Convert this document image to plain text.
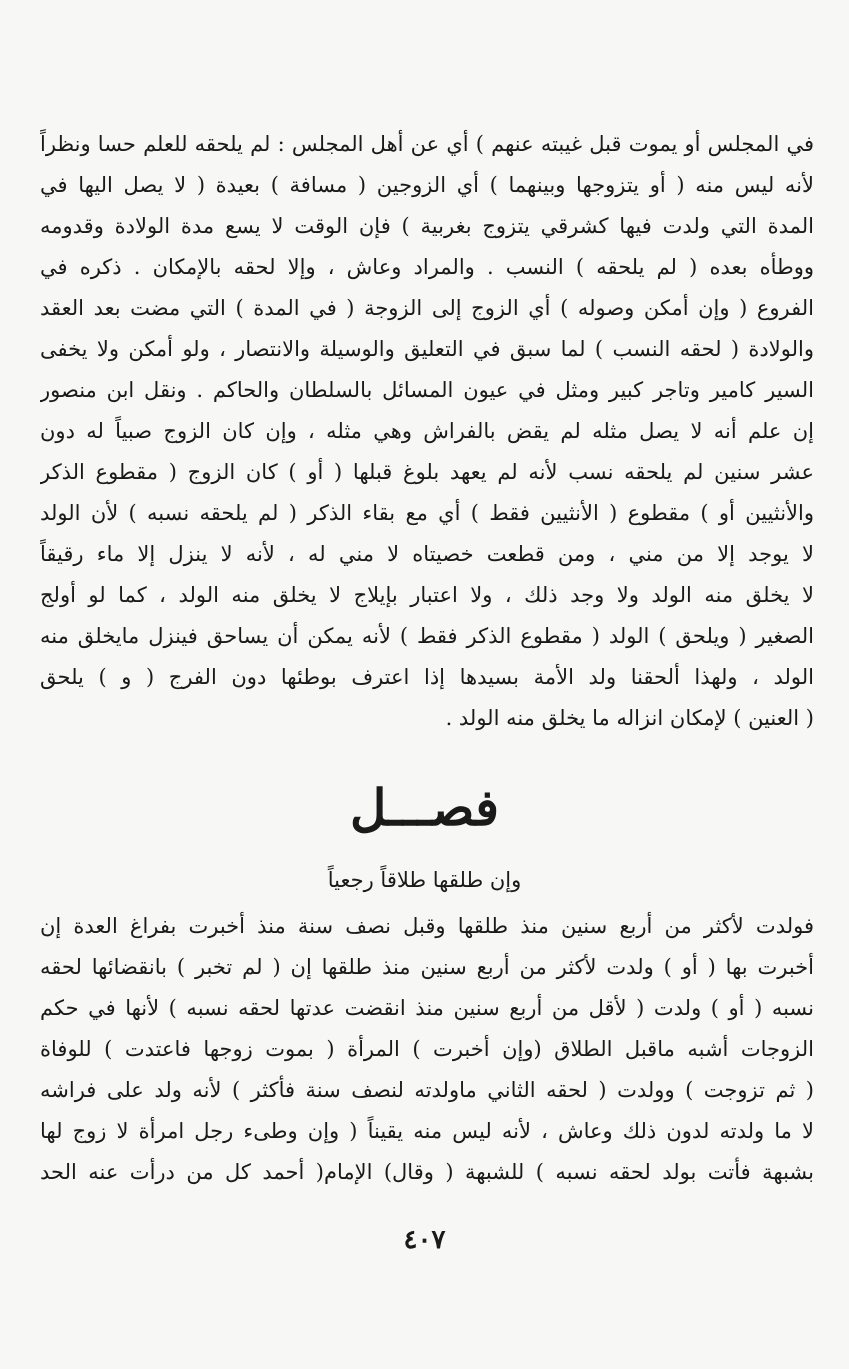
في المجلس أو يموت قبل غيبته عنهم ) أي عن أهل المجلس : لم يلحقه للعلم حسا ونظراً
لأنه ليس منه ( أو يتزوجها وبينهما ) أي الزوجين ( مسافة ) بعيدة ( لا يصل اليها في
المدة التي ولدت فيها كشرقي يتزوج بغربية ) فإن الوقت لا يسع مدة الولادة وقدومه
ووطأه بعده ( لم يلحقه ) النسب . والمراد وعاش ، وإلا لحقه بالإمكان . ذكره في
الفروع ( وإن أمكن وصوله ) أي الزوج إلى الزوجة ( في المدة ) التي مضت بعد العقد
والولادة ( لحقه النسب ) لما سبق في التعليق والوسيلة والانتصار ، ولو أمكن ولا يخفى
السير كامير وتاجر كبير ومثل في عيون المسائل بالسلطان والحاكم . ونقل ابن منصور
إن علم أنه لا يصل مثله لم يقض بالفراش وهي مثله ، وإن كان الزوج صبياً له دون
عشر سنين لم يلحقه نسب لأنه لم يعهد بلوغ قبلها ( أو ) كان الزوج ( مقطوع الذكر
والأنثيين أو ) مقطوع ( الأنثيين فقط ) أي مع بقاء الذكر ( لم يلحقه نسبه ) لأن الولد
لا يوجد إلا من مني ، ومن قطعت خصيتاه لا مني له ، لأنه لا ينزل إلا ماء رقيقاً
لا يخلق منه الولد ولا وجد ذلك ، ولا اعتبار بإيلاج لا يخلق منه الولد ، كما لو أولج
الصغير ( ويلحق ) الولد ( مقطوع الذكر فقط ) لأنه يمكن أن يساحق فينزل مايخلق منه
الولد ، ولهذا ألحقنا ولد الأمة بسيدها إذا اعترف بوطئها دون الفرج ( و ) يلحق
( العنين ) لإمكان انزاله ما يخلق منه الولد .
فصـــل
وإن طلقها طلاقاً رجعياً
فولدت لأكثر من أربع سنين منذ طلقها وقبل نصف سنة منذ أخبرت بفراغ العدة إن
أخبرت بها ( أو ) ولدت لأكثر من أربع سنين منذ طلقها إن ( لم تخبر ) بانقضائها لحقه
نسبه ( أو ) ولدت ( لأقل من أربع سنين منذ انقضت عدتها لحقه نسبه ) لأنها في حكم
الزوجات أشبه ماقبل الطلاق (وإن أخبرت ) المرأة ( بموت زوجها فاعتدت ) للوفاة
( ثم تزوجت ) وولدت ( لحقه الثاني ماولدته لنصف سنة فأكثر ) لأنه ولد على فراشه
لا ما ولدته لدون ذلك وعاش ، لأنه ليس منه يقيناً ( وإن وطىء رجل امرأة لا زوج لها
بشبهة فأتت بولد لحقه نسبه ) للشبهة ( وقال) الإمام( أحمد كل من درأت عنه الحد
٤٠٧
